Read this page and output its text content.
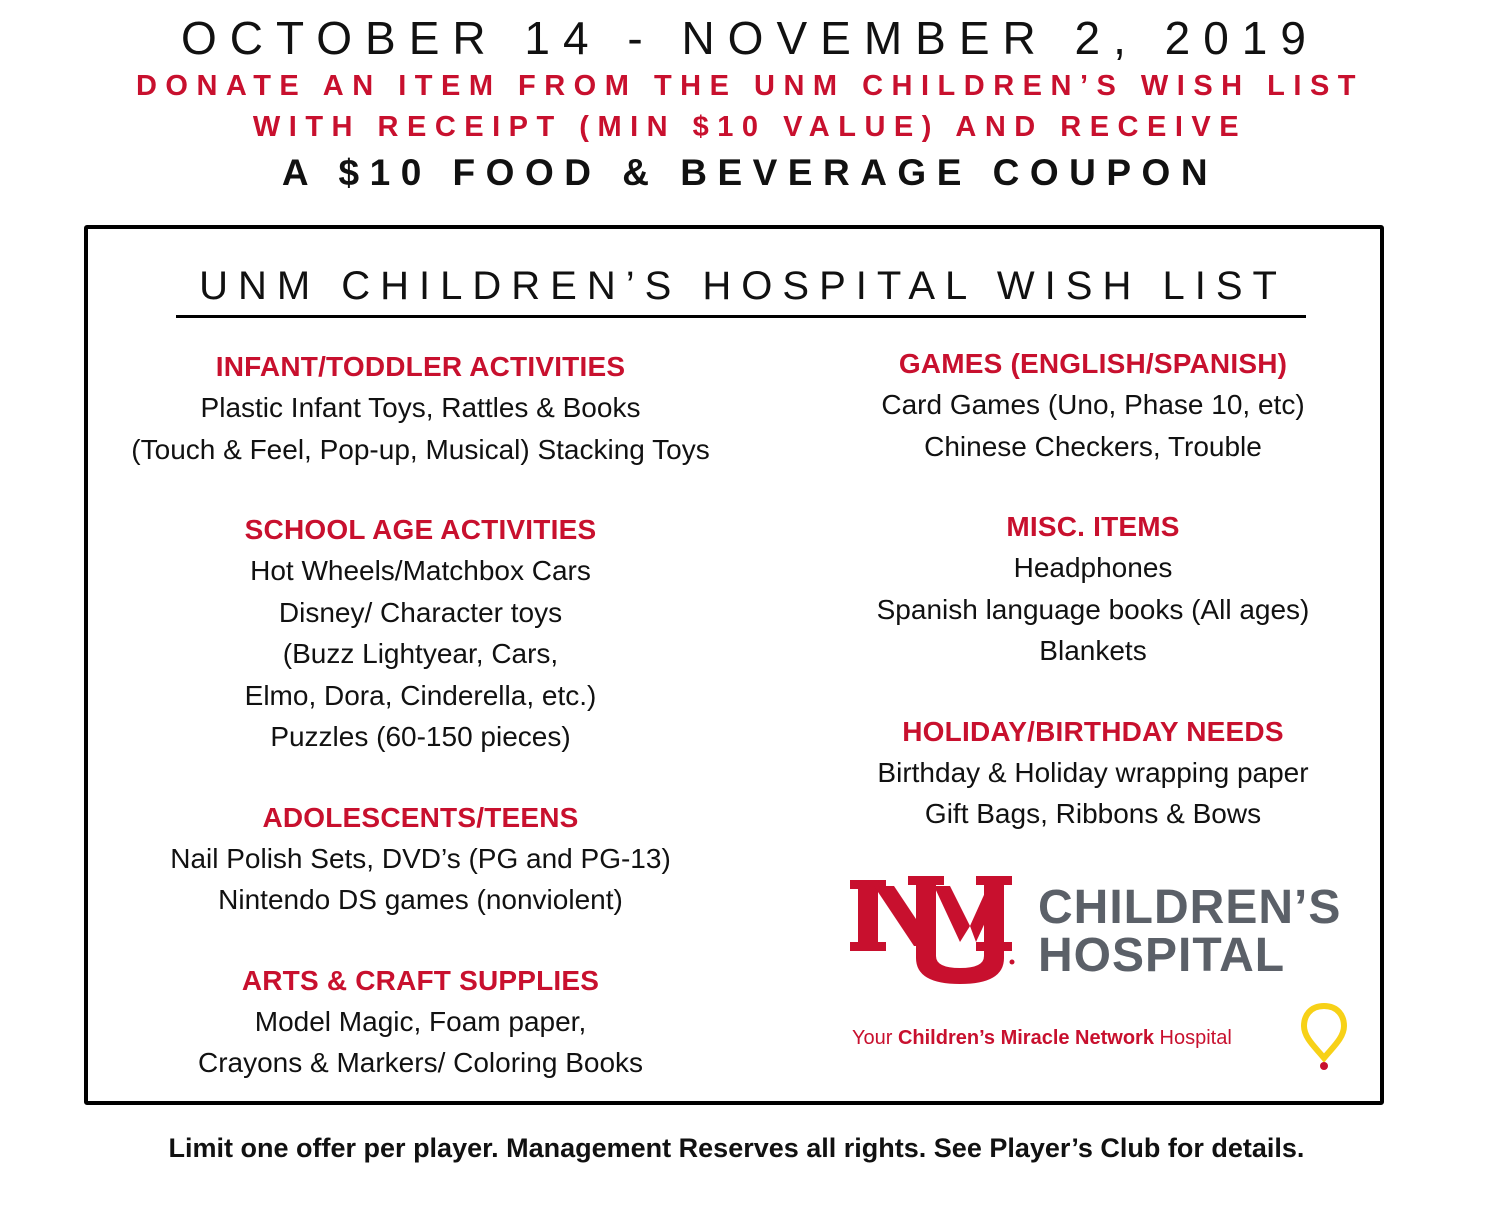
OCTOBER 14 - NOVEMBER 2, 2019
DONATE AN ITEM FROM THE UNM CHILDREN’S WISH LIST
WITH RECEIPT (MIN $10 VALUE) AND RECEIVE
A $10 FOOD & BEVERAGE COUPON
UNM CHILDREN’S HOSPITAL WISH LIST
INFANT/TODDLER ACTIVITIES
Plastic Infant Toys, Rattles & Books
(Touch & Feel, Pop-up, Musical) Stacking Toys
SCHOOL AGE ACTIVITIES
Hot Wheels/Matchbox Cars
Disney/ Character toys
(Buzz Lightyear, Cars,
Elmo, Dora, Cinderella, etc.)
Puzzles (60-150 pieces)
ADOLESCENTS/TEENS
Nail Polish Sets, DVD’s (PG and PG-13)
Nintendo DS games (nonviolent)
ARTS & CRAFT SUPPLIES
Model Magic, Foam paper,
Crayons & Markers/ Coloring Books
GAMES (ENGLISH/SPANISH)
Card Games (Uno, Phase 10, etc)
Chinese Checkers, Trouble
MISC. ITEMS
Headphones
Spanish language books (All ages)
Blankets
HOLIDAY/BIRTHDAY NEEDS
Birthday & Holiday wrapping paper
Gift Bags, Ribbons & Bows
CHILDREN’S
HOSPITAL
Your Children’s Miracle Network Hospital
Limit one offer per player. Management Reserves all rights. See Player’s Club for details.
